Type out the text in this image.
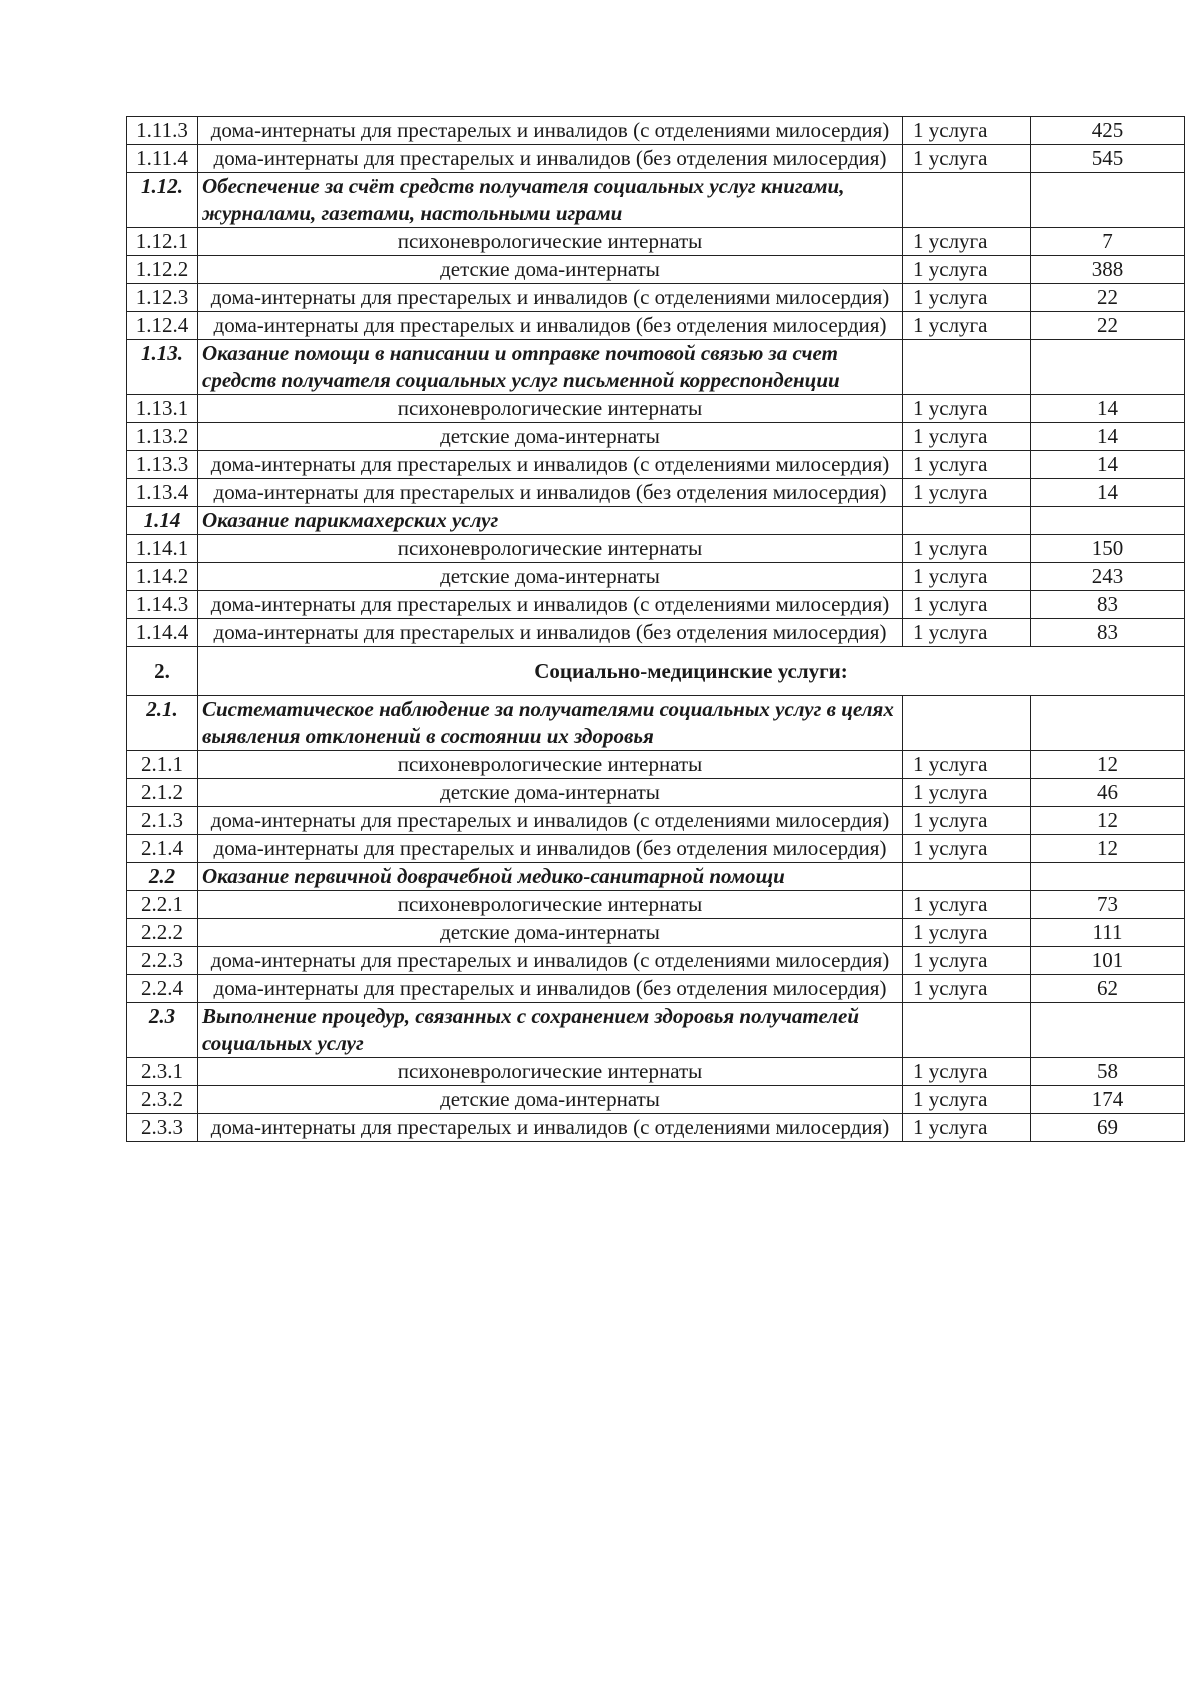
1.11.3	дома-интернаты для престарелых и инвалидов (с отделениями милосердия)	1 услуга	425
1.11.4	дома-интернаты для престарелых и инвалидов (без отделения милосердия)	1 услуга	545
1.12.	Обеспечение за счёт средств получателя социальных услуг книгами, журналами, газетами, настольными играми		
1.12.1	психоневрологические интернаты	1 услуга	7
1.12.2	детские дома-интернаты	1 услуга	388
1.12.3	дома-интернаты для престарелых и инвалидов (с отделениями милосердия)	1 услуга	22
1.12.4	дома-интернаты для престарелых и инвалидов (без отделения милосердия)	1 услуга	22
1.13.	Оказание помощи в написании и отправке почтовой связью за счет средств получателя социальных услуг письменной корреспонденции		
1.13.1	психоневрологические интернаты	1 услуга	14
1.13.2	детские дома-интернаты	1 услуга	14
1.13.3	дома-интернаты для престарелых и инвалидов (с отделениями милосердия)	1 услуга	14
1.13.4	дома-интернаты для престарелых и инвалидов (без отделения милосердия)	1 услуга	14
1.14	Оказание парикмахерских услуг		
1.14.1	психоневрологические интернаты	1 услуга	150
1.14.2	детские дома-интернаты	1 услуга	243
1.14.3	дома-интернаты для престарелых и инвалидов (с отделениями милосердия)	1 услуга	83
1.14.4	дома-интернаты для престарелых и инвалидов (без отделения милосердия)	1 услуга	83
2.	Социально-медицинские услуги:		
2.1.	Систематическое наблюдение за получателями социальных услуг в целях выявления отклонений в состоянии их здоровья		
2.1.1	психоневрологические интернаты	1 услуга	12
2.1.2	детские дома-интернаты	1 услуга	46
2.1.3	дома-интернаты для престарелых и инвалидов (с отделениями милосердия)	1 услуга	12
2.1.4	дома-интернаты для престарелых и инвалидов (без отделения милосердия)	1 услуга	12
2.2	Оказание первичной доврачебной медико-санитарной помощи		
2.2.1	психоневрологические интернаты	1 услуга	73
2.2.2	детские дома-интернаты	1 услуга	111
2.2.3	дома-интернаты для престарелых и инвалидов (с отделениями милосердия)	1 услуга	101
2.2.4	дома-интернаты для престарелых и инвалидов (без отделения милосердия)	1 услуга	62
2.3	Выполнение процедур, связанных с сохранением здоровья получателей социальных услуг		
2.3.1	психоневрологические интернаты	1 услуга	58
2.3.2	детские дома-интернаты	1 услуга	174
2.3.3	дома-интернаты для престарелых и инвалидов (с отделениями милосердия)	1 услуга	69
